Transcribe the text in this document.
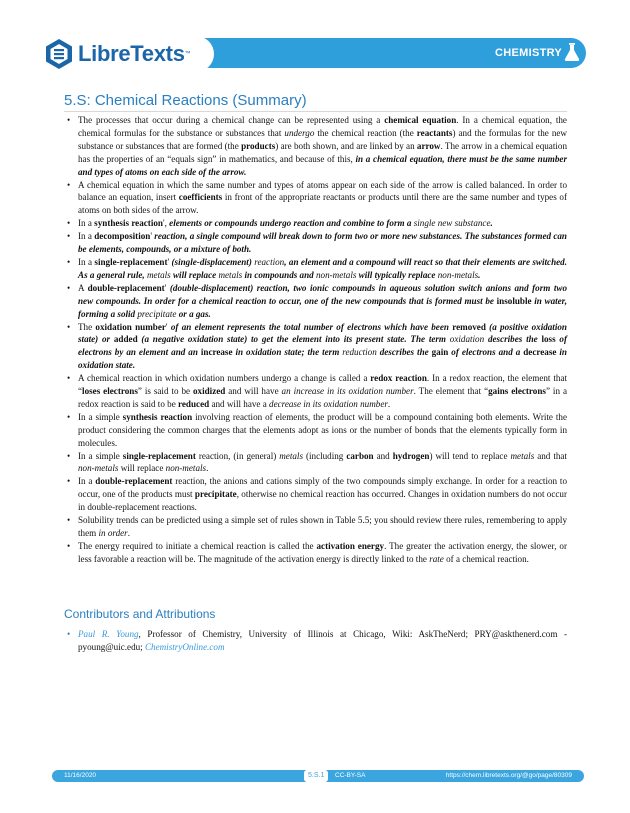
LibreTexts ™	CHEMISTRY
5.S: Chemical Reactions (Summary)
• The processes that occur during a chemical change can be represented using a chemical equation. In a chemical equation, the chemical formulas for the substance or substances that undergo the chemical reaction (the reactants) and the formulas for the new substance or substances that are formed (the products) are both shown, and are linked by an arrow. The arrow in a chemical equation has the properties of an “equals sign” in mathematics, and because of this, in a chemical equation, there must be the same number and types of atoms on each side of the arrow.
• A chemical equation in which the same number and types of atoms appear on each side of the arrow is called balanced. In order to balance an equation, insert coefficients in front of the appropriate reactants or products until there are the same number and types of atoms on both sides of the arrow.
• In a synthesis reaction', elements or compounds undergo reaction and combine to form a single new substance.
• In a decomposition' reaction, a single compound will break down to form two or more new substances. The substances formed can be elements, compounds, or a mixture of both.
• In a single-replacement' (single-displacement) reaction, an element and a compound will react so that their elements are switched. As a general rule, metals will replace metals in compounds and non-metals will typically replace non-metals.
• A double-replacement' (double-displacement) reaction, two ionic compounds in aqueous solution switch anions and form two new compounds. In order for a chemical reaction to occur, one of the new compounds that is formed must be insoluble in water, forming a solid precipitate or a gas.
• The oxidation number' of an element represents the total number of electrons which have been removed (a positive oxidation state) or added (a negative oxidation state) to get the element into its present state. The term oxidation describes the loss of electrons by an element and an increase in oxidation state; the term reduction describes the gain of electrons and a decrease in oxidation state.
• A chemical reaction in which oxidation numbers undergo a change is called a redox reaction. In a redox reaction, the element that “loses electrons” is said to be oxidized and will have an increase in its oxidation number. The element that “gains electrons” in a redox reaction is said to be reduced and will have a decrease in its oxidation number.
• In a simple synthesis reaction involving reaction of elements, the product will be a compound containing both elements. Write the product considering the common charges that the elements adopt as ions or the number of bonds that the elements typically form in molecules.
• In a simple single-replacement reaction, (in general) metals (including carbon and hydrogen) will tend to replace metals and that non-metals will replace non-metals.
• In a double-replacement reaction, the anions and cations simply of the two compounds simply exchange. In order for a reaction to occur, one of the products must precipitate, otherwise no chemical reaction has occurred. Changes in oxidation numbers do not occur in double-replacement reactions.
• Solubility trends can be predicted using a simple set of rules shown in Table 5.5; you should review there rules, remembering to apply them in order.
• The energy required to initiate a chemical reaction is called the activation energy. The greater the activation energy, the slower, or less favorable a reaction will be. The magnitude of the activation energy is directly linked to the rate of a chemical reaction.
Contributors and Attributions
• Paul R. Young, Professor of Chemistry, University of Illinois at Chicago, Wiki: AskTheNerd; PRY@askthenerd.com - pyoung@uic.edu; ChemistryOnline.com
11/16/2020	5.S.1	CC-BY-SA	https://chem.libretexts.org/@go/page/80309
